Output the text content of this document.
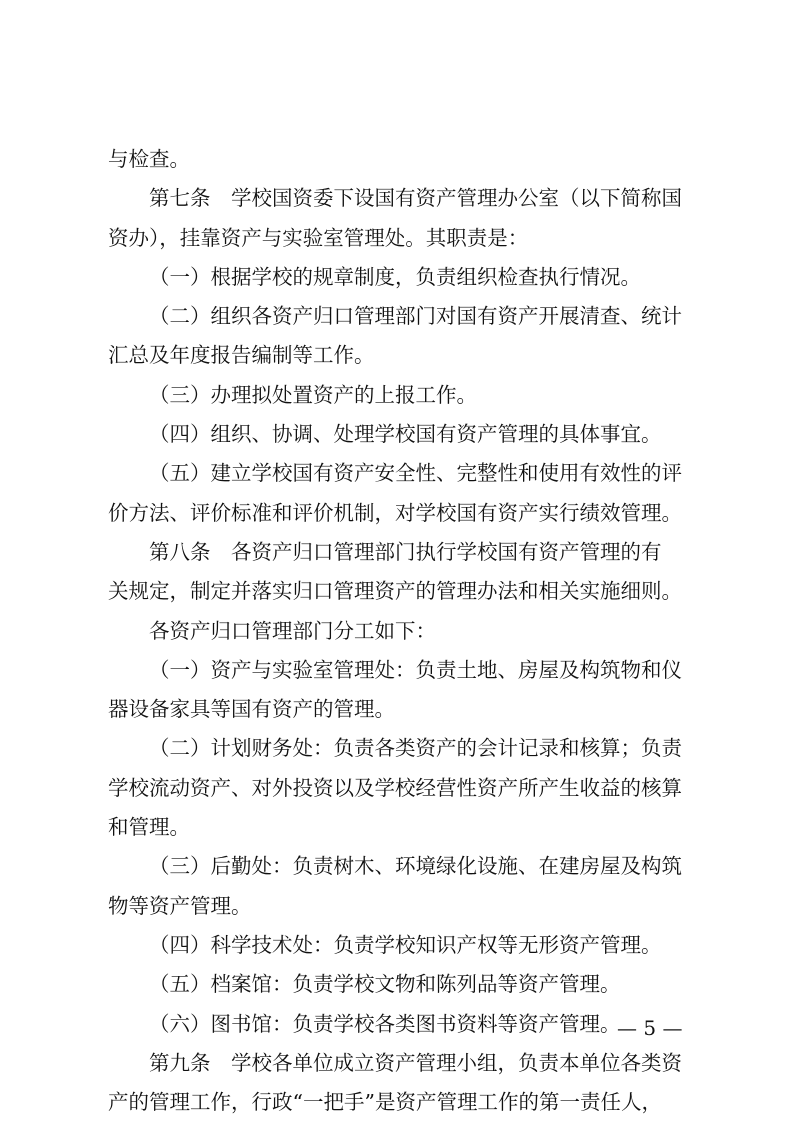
与检查。
第七条　学校国资委下设国有资产管理办公室（以下简称国
资办），挂靠资产与实验室管理处。其职责是：
（一）根据学校的规章制度，负责组织检查执行情况。
（二）组织各资产归口管理部门对国有资产开展清查、统计
汇总及年度报告编制等工作。
（三）办理拟处置资产的上报工作。
（四）组织、协调、处理学校国有资产管理的具体事宜。
（五）建立学校国有资产安全性、完整性和使用有效性的评
价方法、评价标准和评价机制，对学校国有资产实行绩效管理。
第八条　各资产归口管理部门执行学校国有资产管理的有
关规定，制定并落实归口管理资产的管理办法和相关实施细则。
各资产归口管理部门分工如下：
（一）资产与实验室管理处：负责土地、房屋及构筑物和仪
器设备家具等国有资产的管理。
（二）计划财务处：负责各类资产的会计记录和核算；负责
学校流动资产、对外投资以及学校经营性资产所产生收益的核算
和管理。
（三）后勤处：负责树木、环境绿化设施、在建房屋及构筑
物等资产管理。
（四）科学技术处：负责学校知识产权等无形资产管理。
（五）档案馆：负责学校文物和陈列品等资产管理。
（六）图书馆：负责学校各类图书资料等资产管理。
第九条　学校各单位成立资产管理小组，负责本单位各类资
产的管理工作，行政“一把手”是资产管理工作的第一责任人，
— 5 —
